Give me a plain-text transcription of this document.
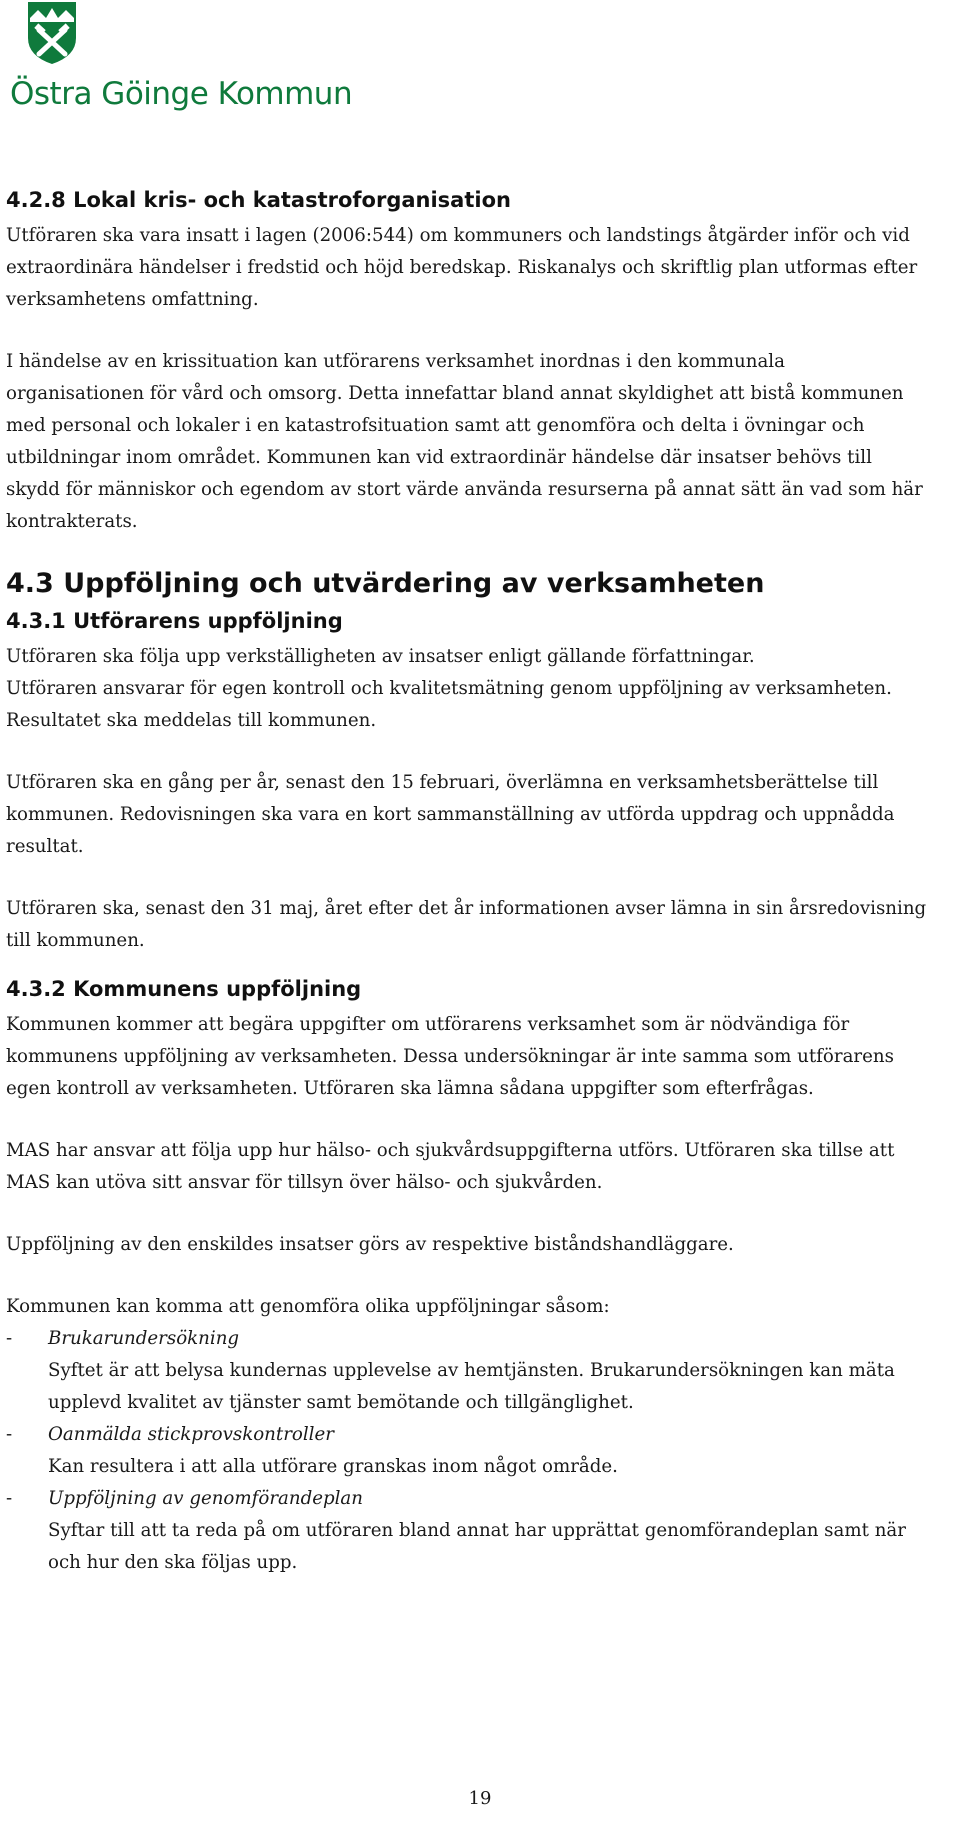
Östra Göinge Kommun
4.2.8 Lokal kris- och katastroforganisation

Utföraren ska vara insatt i lagen (2006:544) om kommuners och landstings åtgärder inför och vid
extraordinära händelser i fredstid och höjd beredskap. Riskanalys och skriftlig plan utformas efter
verksamhetens omfattning.

I händelse av en krissituation kan utförarens verksamhet inordnas i den kommunala
organisationen för vård och omsorg. Detta innefattar bland annat skyldighet att bistå kommunen
med personal och lokaler i en katastrofsituation samt att genomföra och delta i övningar och
utbildningar inom området. Kommunen kan vid extraordinär händelse där insatser behövs till
skydd för människor och egendom av stort värde använda resurserna på annat sätt än vad som här
kontrakterats.

4.3 Uppföljning och utvärdering av verksamheten
4.3.1 Utförarens uppföljning

Utföraren ska följa upp verkställigheten av insatser enligt gällande författningar.
Utföraren ansvarar för egen kontroll och kvalitetsmätning genom uppföljning av verksamheten.
Resultatet ska meddelas till kommunen.

Utföraren ska en gång per år, senast den 15 februari, överlämna en verksamhetsberättelse till
kommunen. Redovisningen ska vara en kort sammanställning av utförda uppdrag och uppnådda
resultat.

Utföraren ska, senast den 31 maj, året efter det år informationen avser lämna in sin årsredovisning
till kommunen.

4.3.2 Kommunens uppföljning

Kommunen kommer att begära uppgifter om utförarens verksamhet som är nödvändiga för
kommunens uppföljning av verksamheten. Dessa undersökningar är inte samma som utförarens
egen kontroll av verksamheten. Utföraren ska lämna sådana uppgifter som efterfrågas.

MAS har ansvar att följa upp hur hälso- och sjukvårdsuppgifterna utförs. Utföraren ska tillse att
MAS kan utöva sitt ansvar för tillsyn över hälso- och sjukvården.

Uppföljning av den enskildes insatser görs av respektive biståndshandläggare.

Kommunen kan komma att genomföra olika uppföljningar såsom:

-	Brukarundersökning

Syftet är att belysa kundernas upplevelse av hemtjänsten. Brukarundersökningen kan mäta
upplevd kvalitet av tjänster samt bemötande och tillgänglighet.

-	Oanmälda stickprovskontroller

Kan resultera i att alla utförare granskas inom något område.

-	Uppföljning av genomförandeplan

Syftar till att ta reda på om utföraren bland annat har upprättat genomförandeplan samt när
och hur den ska följas upp.

19
